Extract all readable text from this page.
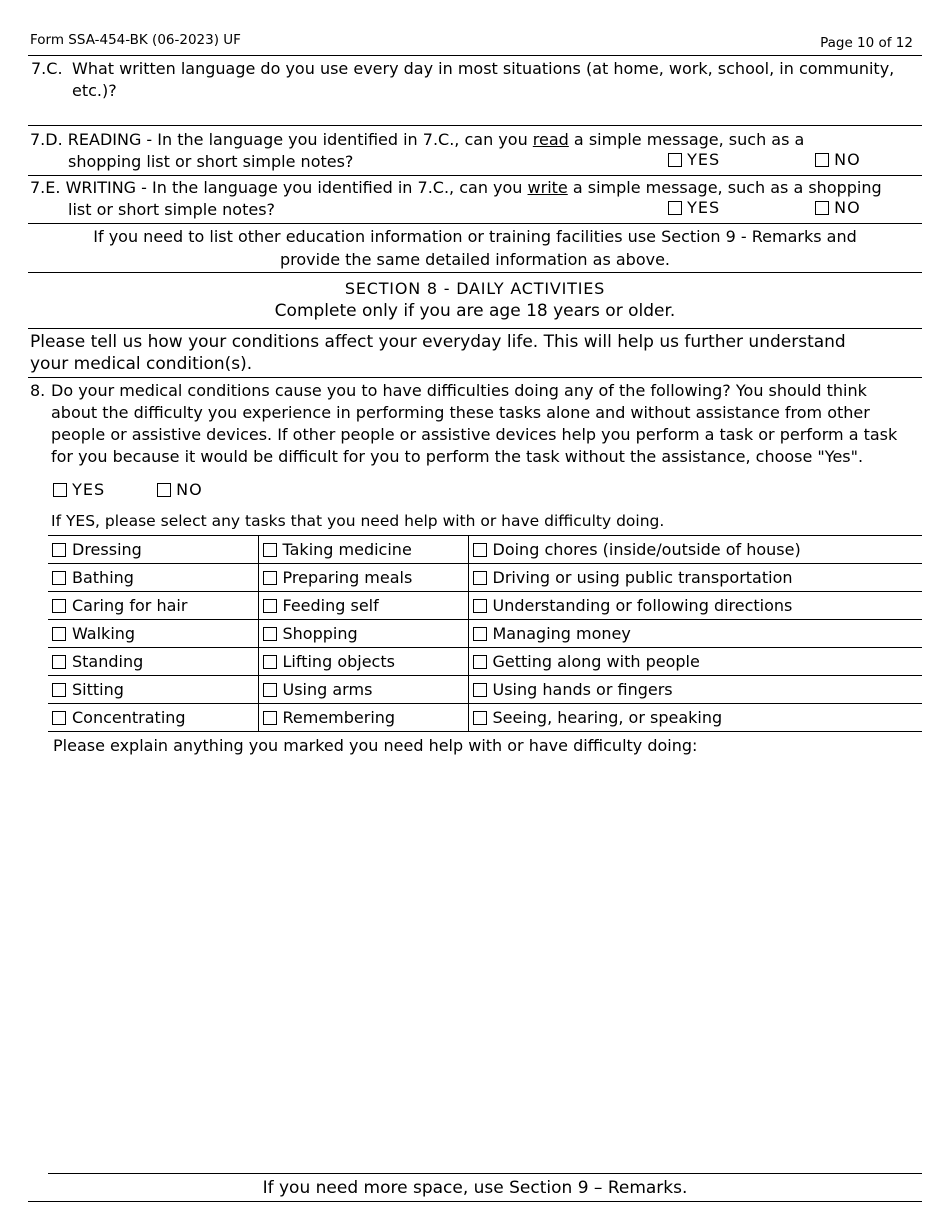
Form SSA-454-BK (06-2023) UF	Page 10 of 12
7.C. What written language do you use every day in most situations (at home, work, school, in community,
etc.)?
7.D. READING - In the language you identified in 7.C., can you read a simple message, such as a
shopping list or short simple notes?	YES	NO
7.E. WRITING - In the language you identified in 7.C., can you write a simple message, such as a shopping
list or short simple notes?	YES	NO
If you need to list other education information or training facilities use Section 9 - Remarks and
provide the same detailed information as above.
SECTION 8 - DAILY ACTIVITIES
Complete only if you are age 18 years or older.
Please tell us how your conditions affect your everyday life. This will help us further understand
your medical condition(s).
8. Do your medical conditions cause you to have difficulties doing any of the following? You should think
about the difficulty you experience in performing these tasks alone and without assistance from other
people or assistive devices. If other people or assistive devices help you perform a task or perform a task
for you because it would be difficult for you to perform the task without the assistance, choose "Yes".
YES	NO
If YES, please select any tasks that you need help with or have difficulty doing.
Dressing	Taking medicine	Doing chores (inside/outside of house)
Bathing	Preparing meals	Driving or using public transportation
Caring for hair	Feeding self	Understanding or following directions
Walking	Shopping	Managing money
Standing	Lifting objects	Getting along with people
Sitting	Using arms	Using hands or fingers
Concentrating	Remembering	Seeing, hearing, or speaking
Please explain anything you marked you need help with or have difficulty doing:
If you need more space, use Section 9 – Remarks.
